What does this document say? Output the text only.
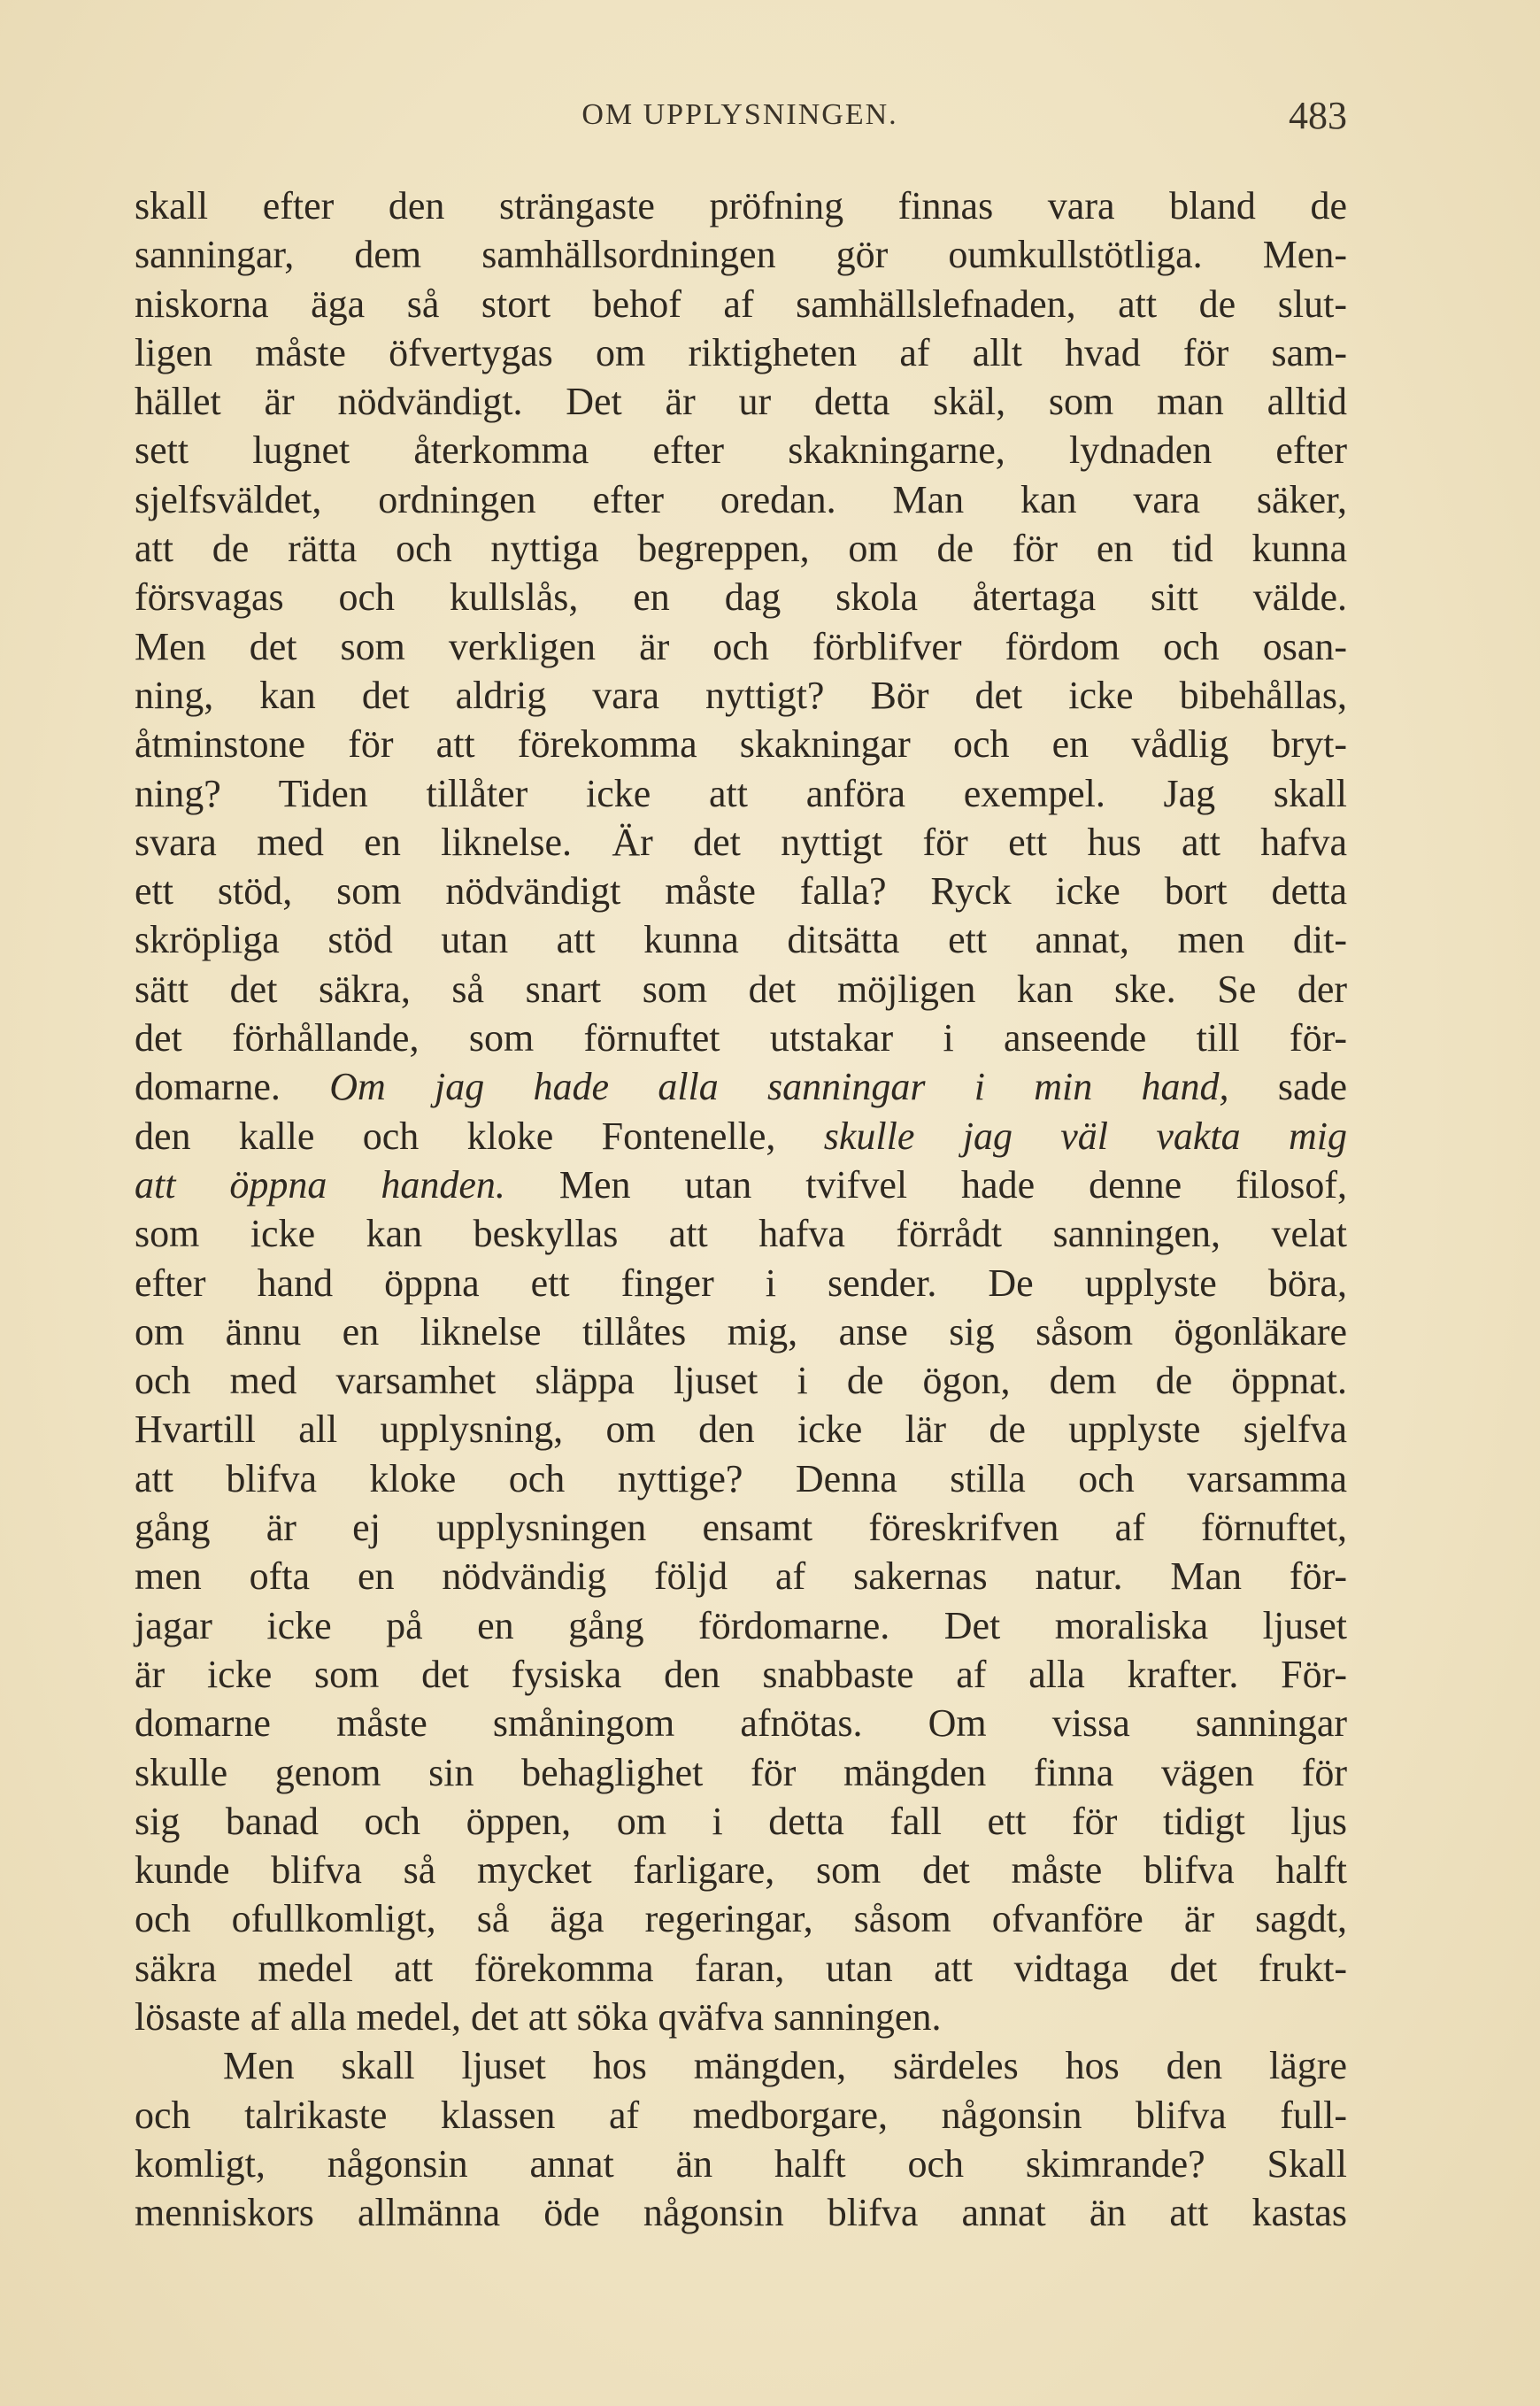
OM UPPLYSNINGEN.	483
skall efter den strängaste pröfning finnas vara bland de
sanningar, dem samhällsordningen gör oumkullstötliga. Men-
niskorna äga så stort behof af samhällslefnaden, att de slut-
ligen måste öfvertygas om riktigheten af allt hvad för sam-
hället är nödvändigt. Det är ur detta skäl, som man alltid
sett lugnet återkomma efter skakningarne, lydnaden efter
sjelfsväldet, ordningen efter oredan. Man kan vara säker,
att de rätta och nyttiga begreppen, om de för en tid kunna
försvagas och kullslås, en dag skola återtaga sitt välde.
Men det som verkligen är och förblifver fördom och osan-
ning, kan det aldrig vara nyttigt? Bör det icke bibehållas,
åtminstone för att förekomma skakningar och en vådlig bryt-
ning? Tiden tillåter icke att anföra exempel. Jag skall
svara med en liknelse. Är det nyttigt för ett hus att hafva
ett stöd, som nödvändigt måste falla? Ryck icke bort detta
skröpliga stöd utan att kunna ditsätta ett annat, men dit-
sätt det säkra, så snart som det möjligen kan ske. Se der
det förhållande, som förnuftet utstakar i anseende till för-
domarne. Om jag hade alla sanningar i min hand, sade
den kalle och kloke Fontenelle, skulle jag väl vakta mig
att öppna handen. Men utan tvifvel hade denne filosof,
som icke kan beskyllas att hafva förrådt sanningen, velat
efter hand öppna ett finger i sender. De upplyste böra,
om ännu en liknelse tillåtes mig, anse sig såsom ögonläkare
och med varsamhet släppa ljuset i de ögon, dem de öppnat.
Hvartill all upplysning, om den icke lär de upplyste sjelfva
att blifva kloke och nyttige? Denna stilla och varsamma
gång är ej upplysningen ensamt föreskrifven af förnuftet,
men ofta en nödvändig följd af sakernas natur. Man för-
jagar icke på en gång fördomarne. Det moraliska ljuset
är icke som det fysiska den snabbaste af alla krafter. För-
domarne måste småningom afnötas. Om vissa sanningar
skulle genom sin behaglighet för mängden finna vägen för
sig banad och öppen, om i detta fall ett för tidigt ljus
kunde blifva så mycket farligare, som det måste blifva halft
och ofullkomligt, så äga regeringar, såsom ofvanföre är sagdt,
säkra medel att förekomma faran, utan att vidtaga det frukt-
lösaste af alla medel, det att söka qväfva sanningen.
Men skall ljuset hos mängden, särdeles hos den lägre
och talrikaste klassen af medborgare, någonsin blifva full-
komligt, någonsin annat än halft och skimrande? Skall
menniskors allmänna öde någonsin blifva annat än att kastas
